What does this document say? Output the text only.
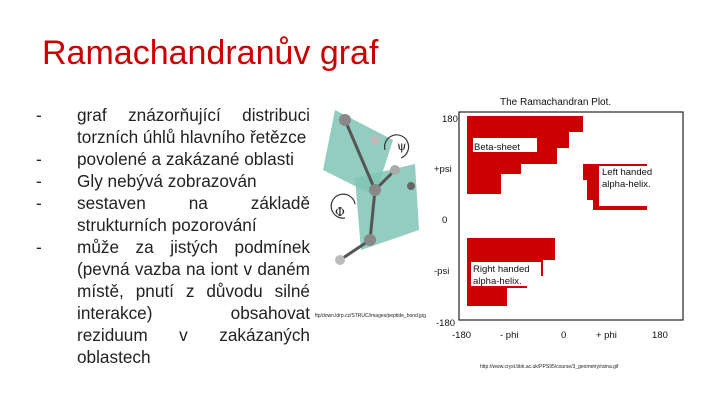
Ramachandranův graf
- graf znázorňující distribuci torzních úhlů hlavního řetězce
- povolené a zakázané oblasti
- Gly nebývá zobrazován
- sestaven na základě strukturních pozorování
- může za jistých podmínek (pevná vazba na iont v daném místě, pnutí z důvodu silné interakce) obsahovat reziduum v zakázaných oblastech
ψ
Φ
ftp/down.ldrp.cz/STRUC/images/peptide_bond.jpg
The Ramachandran Plot.
Beta-sheet
Left handed alpha-helix.
Right handed alpha-helix.
180
+psi
0
-psi
-180
-180	- phi	0	+ phi	180
http://www.cryst.bbk.ac.uk/PPS95/course/3_geometry/rama.gif
